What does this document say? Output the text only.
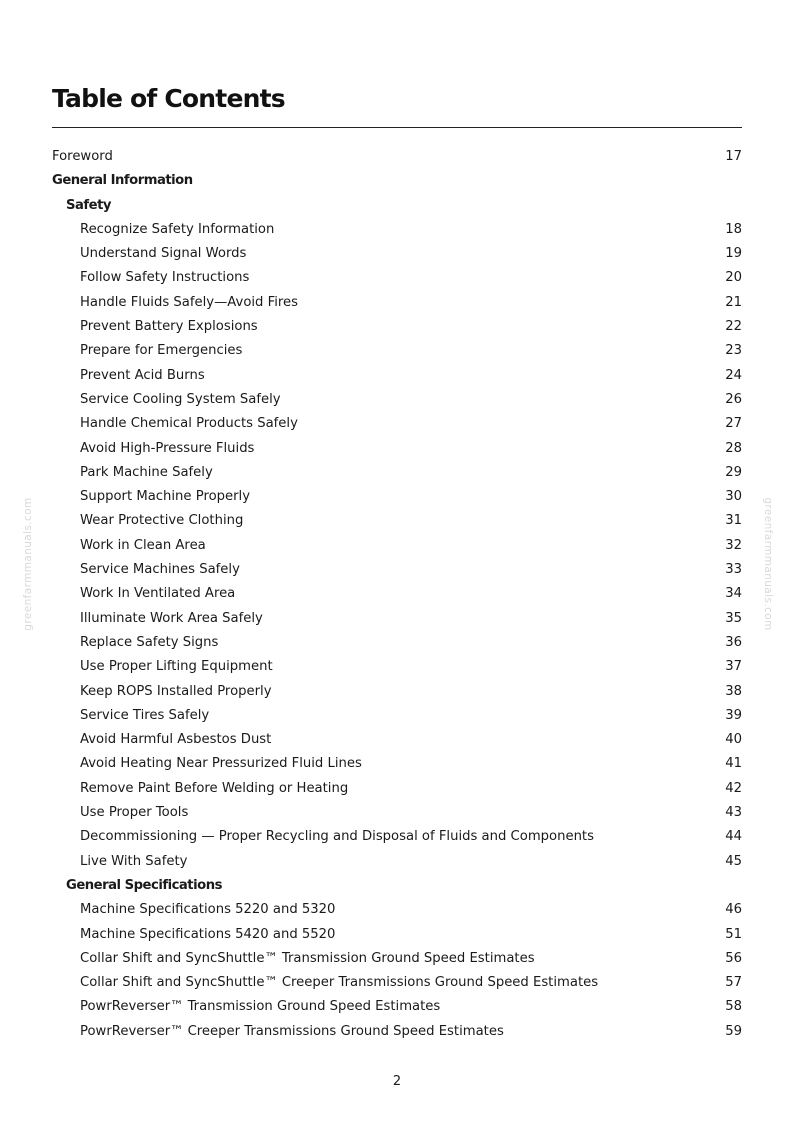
Table of Contents
Foreword	17
General Information
Safety
Recognize Safety Information	18
Understand Signal Words	19
Follow Safety Instructions	20
Handle Fluids Safely—Avoid Fires	21
Prevent Battery Explosions	22
Prepare for Emergencies	23
Prevent Acid Burns	24
Service Cooling System Safely	26
Handle Chemical Products Safely	27
Avoid High-Pressure Fluids	28
Park Machine Safely	29
Support Machine Properly	30
Wear Protective Clothing	31
Work in Clean Area	32
Service Machines Safely	33
Work In Ventilated Area	34
Illuminate Work Area Safely	35
Replace Safety Signs	36
Use Proper Lifting Equipment	37
Keep ROPS Installed Properly	38
Service Tires Safely	39
Avoid Harmful Asbestos Dust	40
Avoid Heating Near Pressurized Fluid Lines	41
Remove Paint Before Welding or Heating	42
Use Proper Tools	43
Decommissioning — Proper Recycling and Disposal of Fluids and Components	44
Live With Safety	45
General Specifications
Machine Specifications 5220 and 5320	46
Machine Specifications 5420 and 5520	51
Collar Shift and SyncShuttle™ Transmission Ground Speed Estimates	56
Collar Shift and SyncShuttle™ Creeper Transmissions Ground Speed Estimates	57
PowrReverser™ Transmission Ground Speed Estimates	58
PowrReverser™ Creeper Transmissions Ground Speed Estimates	59
greenfarmmanuals.com	greenfarmmanuals.com
2
